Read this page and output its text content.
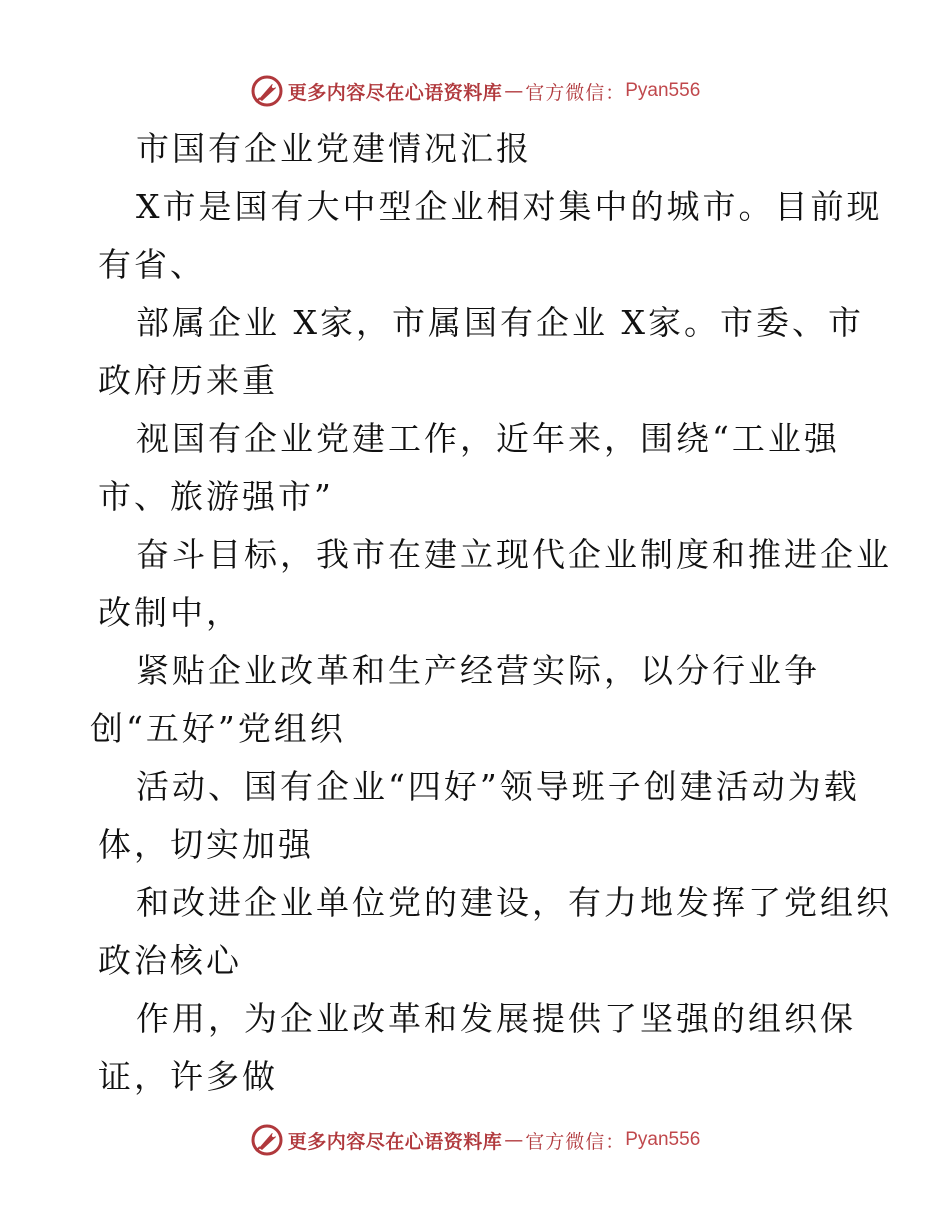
更多内容尽在心语资料库 — 官方微信： Pyan556
市国有企业党建情况汇报
X市是国有大中型企业相对集中的城市。目前现
有省、
部属企业 X家，市属国有企业 X家。市委、市
政府历来重
视国有企业党建工作，近年来，围绕“工业强
市、旅游强市”
奋斗目标，我市在建立现代企业制度和推进企业
改制中，
紧贴企业改革和生产经营实际，以分行业争
创“五好”党组织
活动、国有企业“四好”领导班子创建活动为载
体，切实加强
和改进企业单位党的建设，有力地发挥了党组织
政治核心
作用，为企业改革和发展提供了坚强的组织保
证，许多做
更多内容尽在心语资料库 — 官方微信： Pyan556
